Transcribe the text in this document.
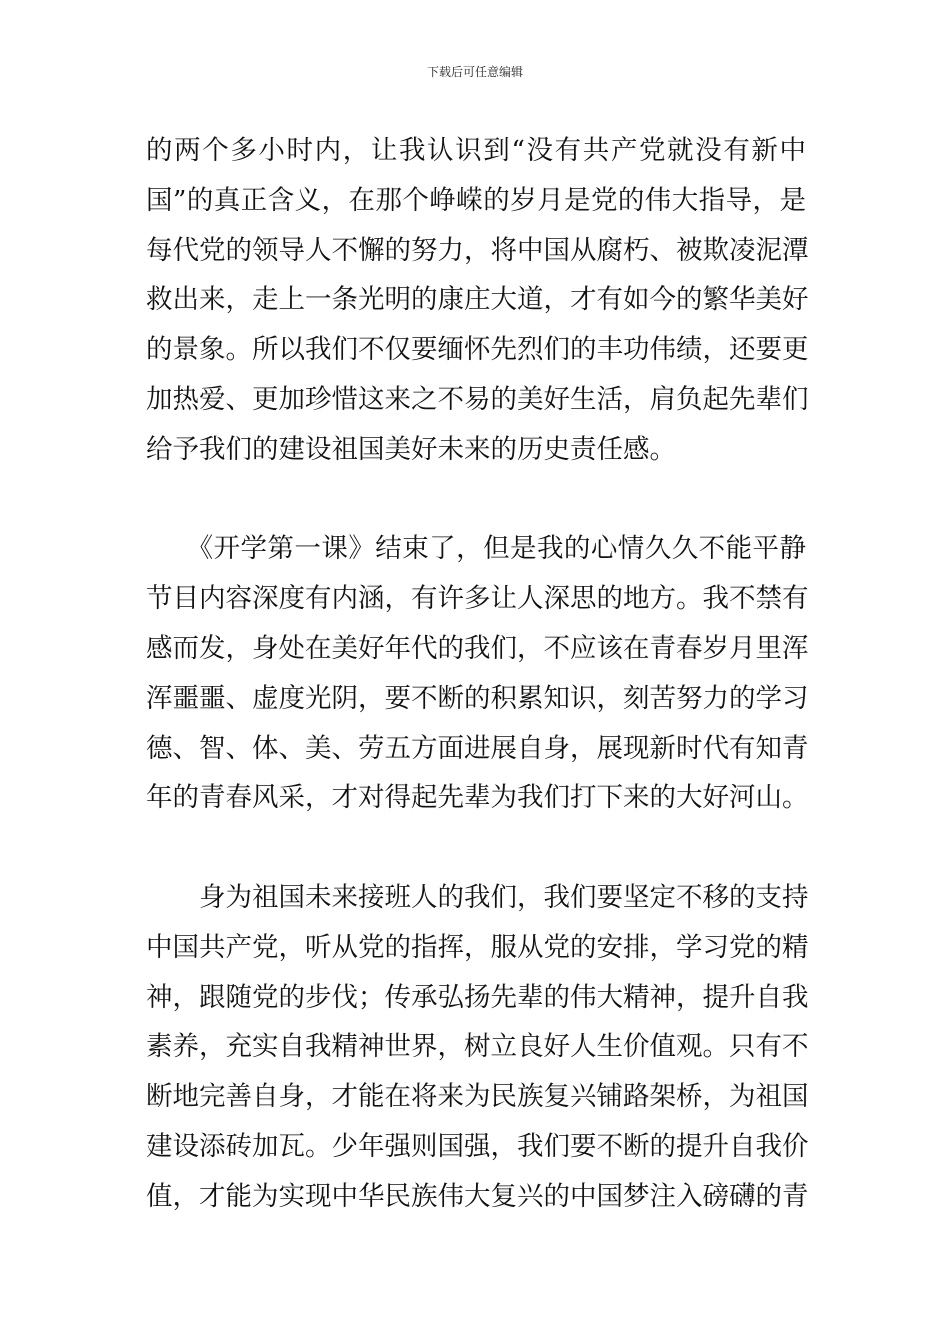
下载后可任意编辑

的两个多小时内，让我认识到“没有共产党就没有新中
国”的真正含义，在那个峥嵘的岁月是党的伟大指导，是
每代党的领导人不懈的努力，将中国从腐朽、被欺凌泥潭
救出来，走上一条光明的康庄大道，才有如今的繁华美好
的景象。所以我们不仅要缅怀先烈们的丰功伟绩，还要更
加热爱、更加珍惜这来之不易的美好生活，肩负起先辈们
给予我们的建设祖国美好未来的历史责任感。

　　《开学第一课》结束了，但是我的心情久久不能平静
节目内容深度有内涵，有许多让人深思的地方。我不禁有
感而发，身处在美好年代的我们，不应该在青春岁月里浑
浑噩噩、虚度光阴，要不断的积累知识，刻苦努力的学习
德、智、体、美、劳五方面进展自身，展现新时代有知青
年的青春风采，才对得起先辈为我们打下来的大好河山。

　　身为祖国未来接班人的我们，我们要坚定不移的支持
中国共产党，听从党的指挥，服从党的安排，学习党的精
神，跟随党的步伐；传承弘扬先辈的伟大精神，提升自我
素养，充实自我精神世界，树立良好人生价值观。只有不
断地完善自身，才能在将来为民族复兴铺路架桥，为祖国
建设添砖加瓦。少年强则国强，我们要不断的提升自我价
值，才能为实现中华民族伟大复兴的中国梦注入磅礴的青
